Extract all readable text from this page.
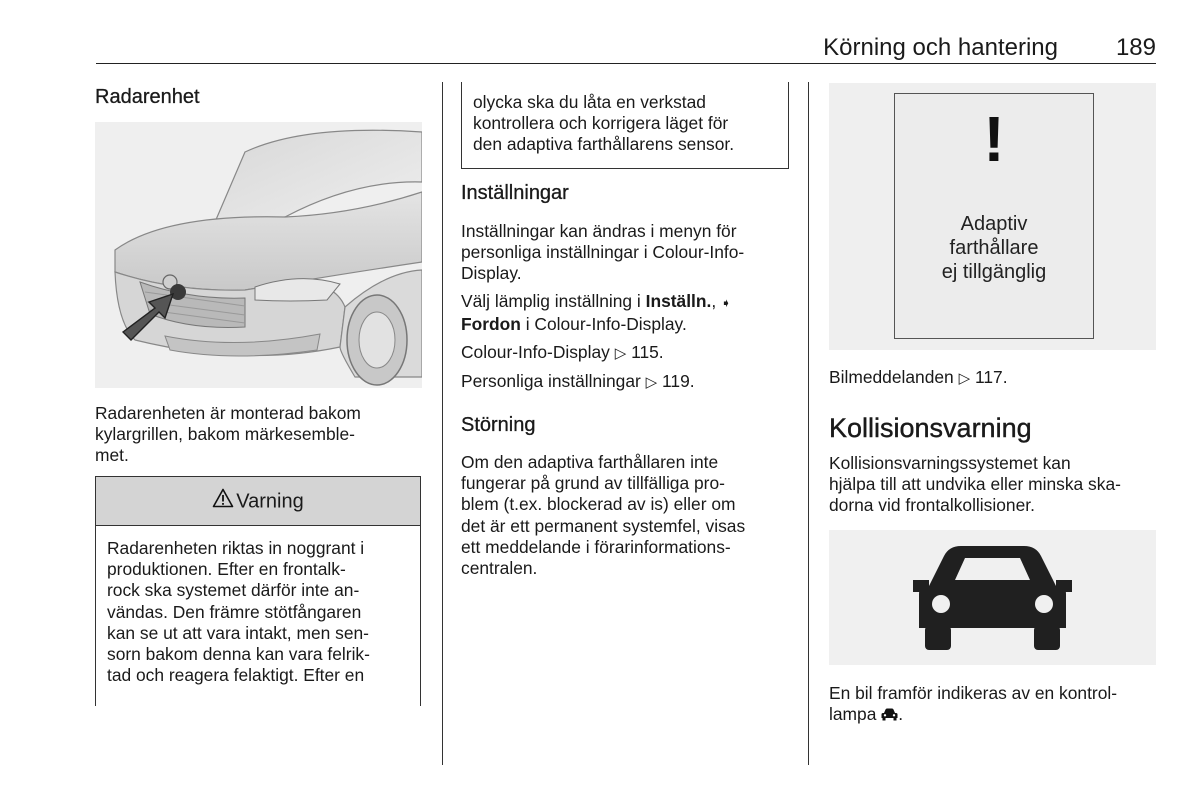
Körning och hantering 189
Radarenhet
Radarenheten är monterad bakom
kylargrillen, bakom märkesemble-
met.
Varning
Radarenheten riktas in noggrant i
produktionen. Efter en frontalk-
rock ska systemet därför inte an-
vändas. Den främre stötfångaren
kan se ut att vara intakt, men sen-
sorn bakom denna kan vara felrik-
tad och reagera felaktigt. Efter en
olycka ska du låta en verkstad
kontrollera och korrigera läget för
den adaptiva farthållarens sensor.
Inställningar
Inställningar kan ändras i menyn för
personliga inställningar i Colour-Info-
Display.
Välj lämplig inställning i Inställn., ➧
Fordon i Colour-Info-Display.
Colour-Info-Display ▷ 115.
Personliga inställningar ▷ 119.
Störning
Om den adaptiva farthållaren inte
fungerar på grund av tillfälliga pro-
blem (t.ex. blockerad av is) eller om
det är ett permanent systemfel, visas
ett meddelande i förarinformations-
centralen.
!
Adaptiv
farthållare
ej tillgänglig
Bilmeddelanden ▷ 117.
Kollisionsvarning
Kollisionsvarningssystemet kan
hjälpa till att undvika eller minska ska-
dorna vid frontalkollisioner.
En bil framför indikeras av en kontrol-
lampa .
